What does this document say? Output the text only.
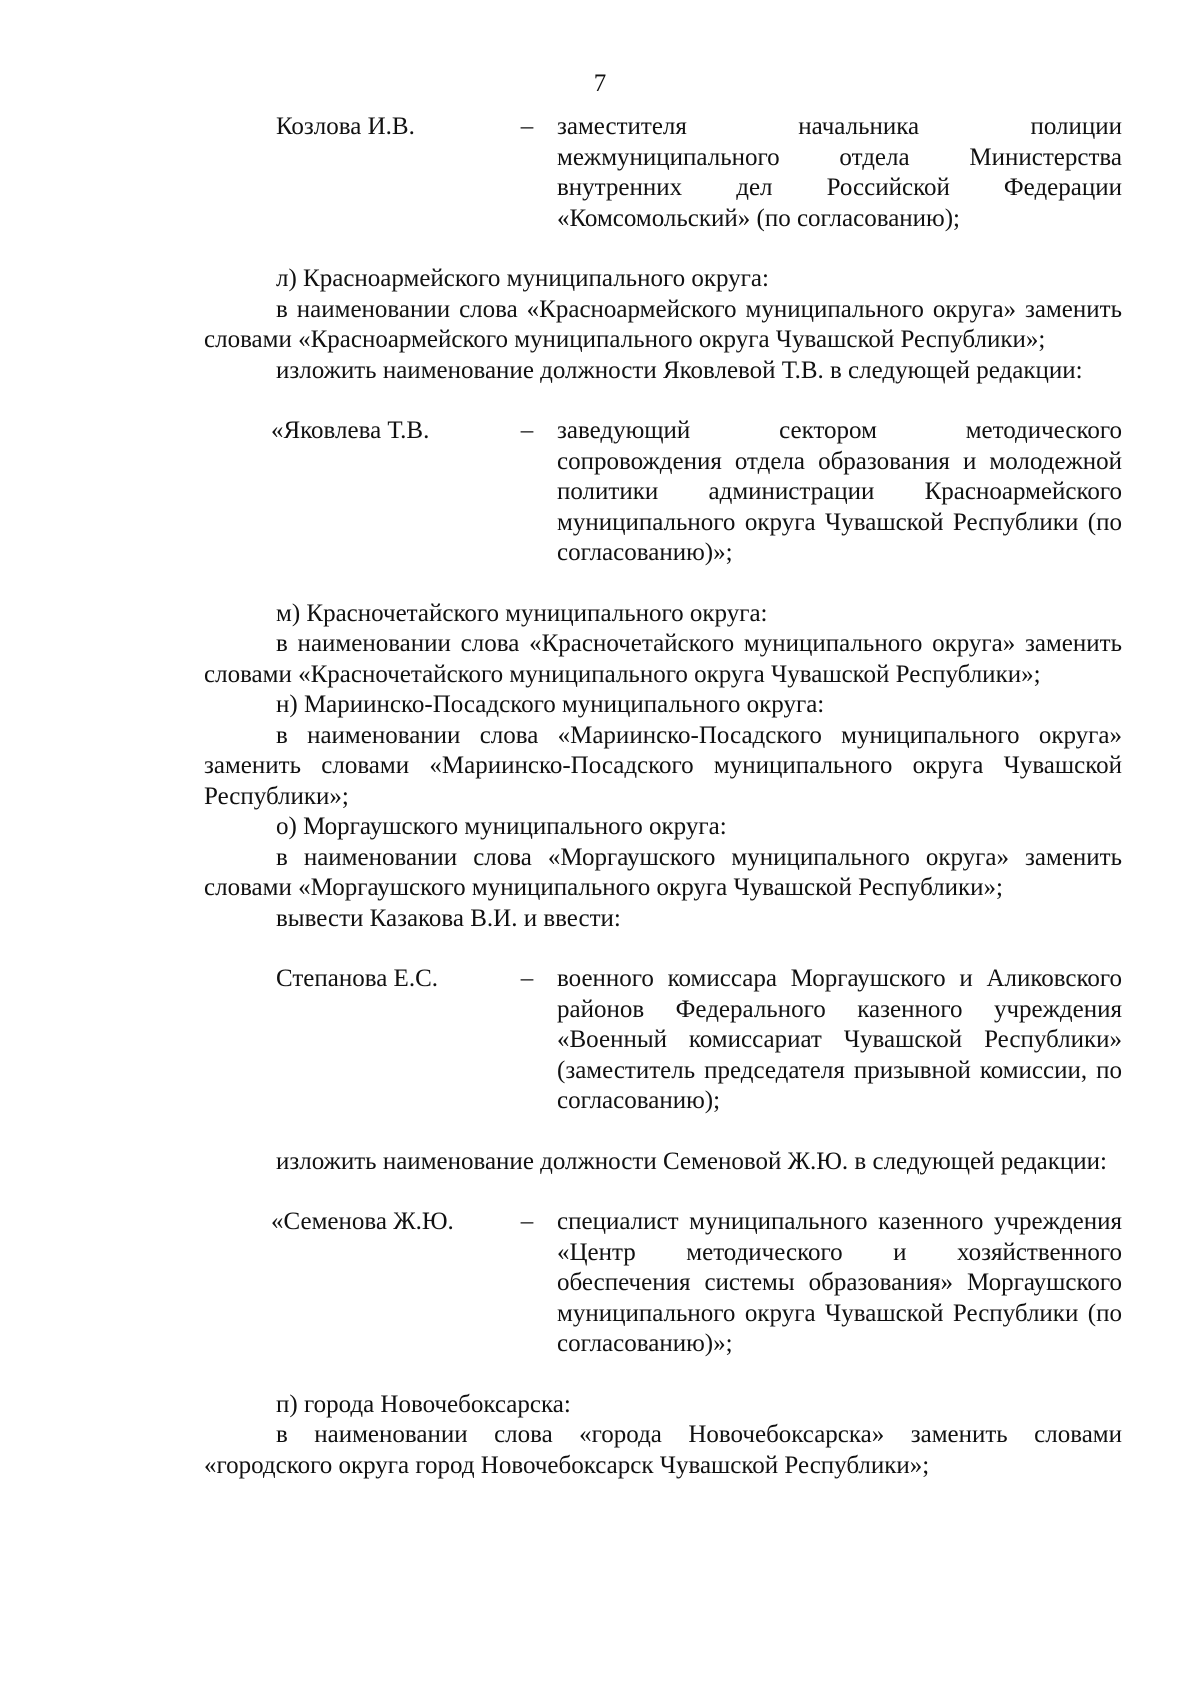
7
Козлова И.В.	– заместителя начальника полиции межмуниципального отдела Министерства внутренних дел Российской Федерации «Комсомольский» (по согласованию);

л) Красноармейского муниципального округа:

в наименовании слова «Красноармейского муниципального округа» заменить словами «Красноармейского муниципального округа Чувашской Республики»;

изложить наименование должности Яковлевой Т.В. в следующей редакции:

«Яковлева Т.В.	– заведующий сектором методического сопровождения отдела образования и молодежной политики администрации Красноармейского муниципального округа Чувашской Республики (по согласованию)»;

м) Красночетайского муниципального округа:

в наименовании слова «Красночетайского муниципального округа» заменить словами «Красночетайского муниципального округа Чувашской Республики»;

н) Мариинско-Посадского муниципального округа:

в наименовании слова «Мариинско-Посадского муниципального округа» заменить словами «Мариинско-Посадского муниципального округа Чувашской Республики»;

о) Моргаушского муниципального округа:

в наименовании слова «Моргаушского муниципального округа» заменить словами «Моргаушского муниципального округа Чувашской Республики»;

вывести Казакова В.И. и ввести:

Степанова Е.С.	– военного комиссара Моргаушского и Аликовского районов Федерального казенного учреждения «Военный комиссариат Чувашской Республики» (заместитель председателя призывной комиссии, по согласованию);

изложить наименование должности Семеновой Ж.Ю. в следующей редакции:

«Семенова Ж.Ю.	– специалист муниципального казенного учреждения «Центр методического и хозяйственного обеспечения системы образования» Моргаушского муниципального округа Чувашской Республики (по согласованию)»;

п) города Новочебоксарска:

в наименовании слова «города Новочебоксарска» заменить словами «городского округа город Новочебоксарск Чувашской Республики»;
